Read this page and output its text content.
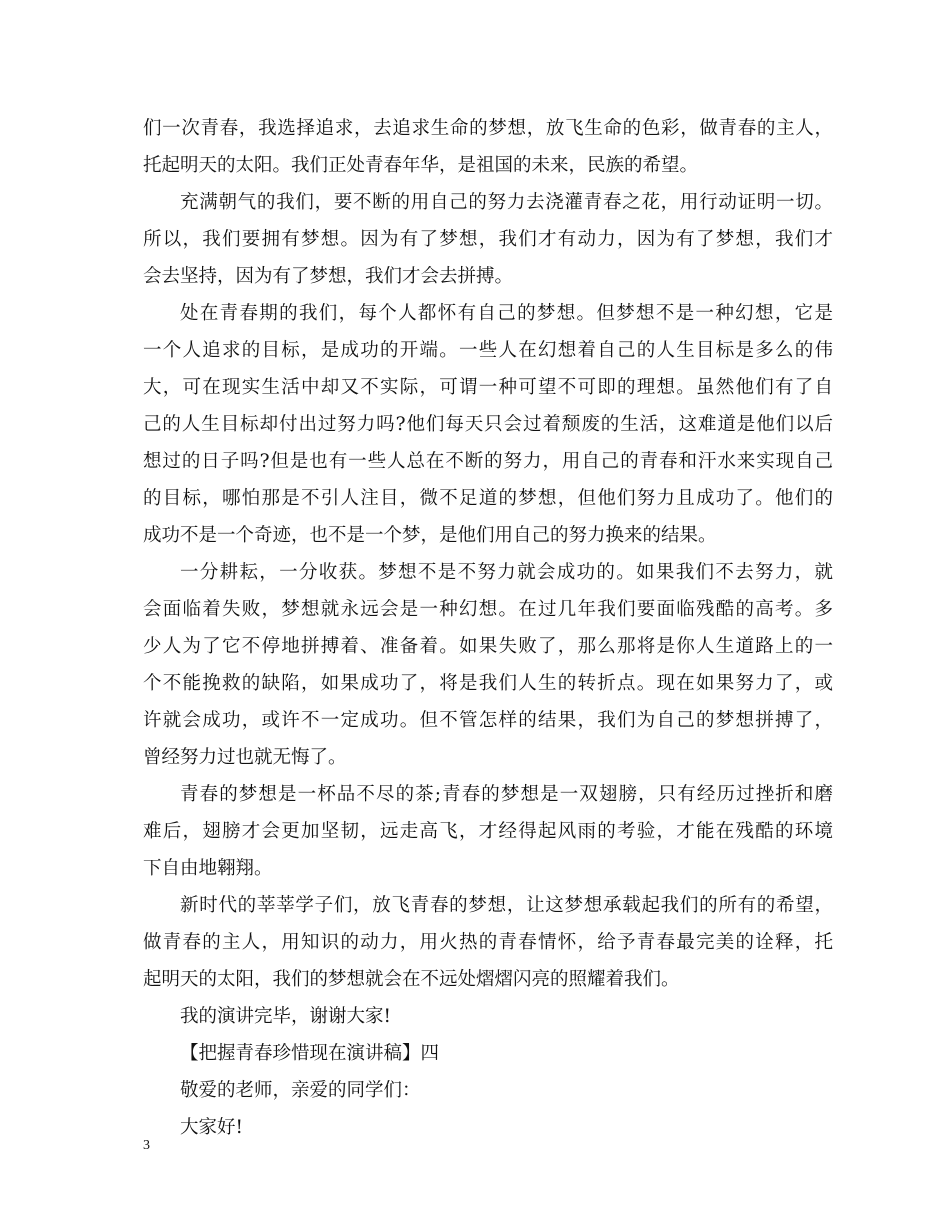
们一次青春，我选择追求，去追求生命的梦想，放飞生命的色彩，做青春的主人，
托起明天的太阳。我们正处青春年华，是祖国的未来，民族的希望。
充满朝气的我们，要不断的用自己的努力去浇灌青春之花，用行动证明一切。
所以，我们要拥有梦想。因为有了梦想，我们才有动力，因为有了梦想，我们才
会去坚持，因为有了梦想，我们才会去拼搏。
处在青春期的我们，每个人都怀有自己的梦想。但梦想不是一种幻想，它是
一个人追求的目标，是成功的开端。一些人在幻想着自己的人生目标是多么的伟
大，可在现实生活中却又不实际，可谓一种可望不可即的理想。虽然他们有了自
己的人生目标却付出过努力吗?他们每天只会过着颓废的生活，这难道是他们以后
想过的日子吗?但是也有一些人总在不断的努力，用自己的青春和汗水来实现自己
的目标，哪怕那是不引人注目，微不足道的梦想，但他们努力且成功了。他们的
成功不是一个奇迹，也不是一个梦，是他们用自己的努力换来的结果。
一分耕耘，一分收获。梦想不是不努力就会成功的。如果我们不去努力，就
会面临着失败，梦想就永远会是一种幻想。在过几年我们要面临残酷的高考。多
少人为了它不停地拼搏着、准备着。如果失败了，那么那将是你人生道路上的一
个不能挽救的缺陷，如果成功了，将是我们人生的转折点。现在如果努力了，或
许就会成功，或许不一定成功。但不管怎样的结果，我们为自己的梦想拼搏了，
曾经努力过也就无悔了。
青春的梦想是一杯品不尽的茶;青春的梦想是一双翅膀，只有经历过挫折和磨
难后，翅膀才会更加坚韧，远走高飞，才经得起风雨的考验，才能在残酷的环境
下自由地翱翔。
新时代的莘莘学子们，放飞青春的梦想，让这梦想承载起我们的所有的希望，
做青春的主人，用知识的动力，用火热的青春情怀，给予青春最完美的诠释，托
起明天的太阳，我们的梦想就会在不远处熠熠闪亮的照耀着我们。
我的演讲完毕，谢谢大家!
【把握青春珍惜现在演讲稿】四
敬爱的老师，亲爱的同学们：
大家好!
3
